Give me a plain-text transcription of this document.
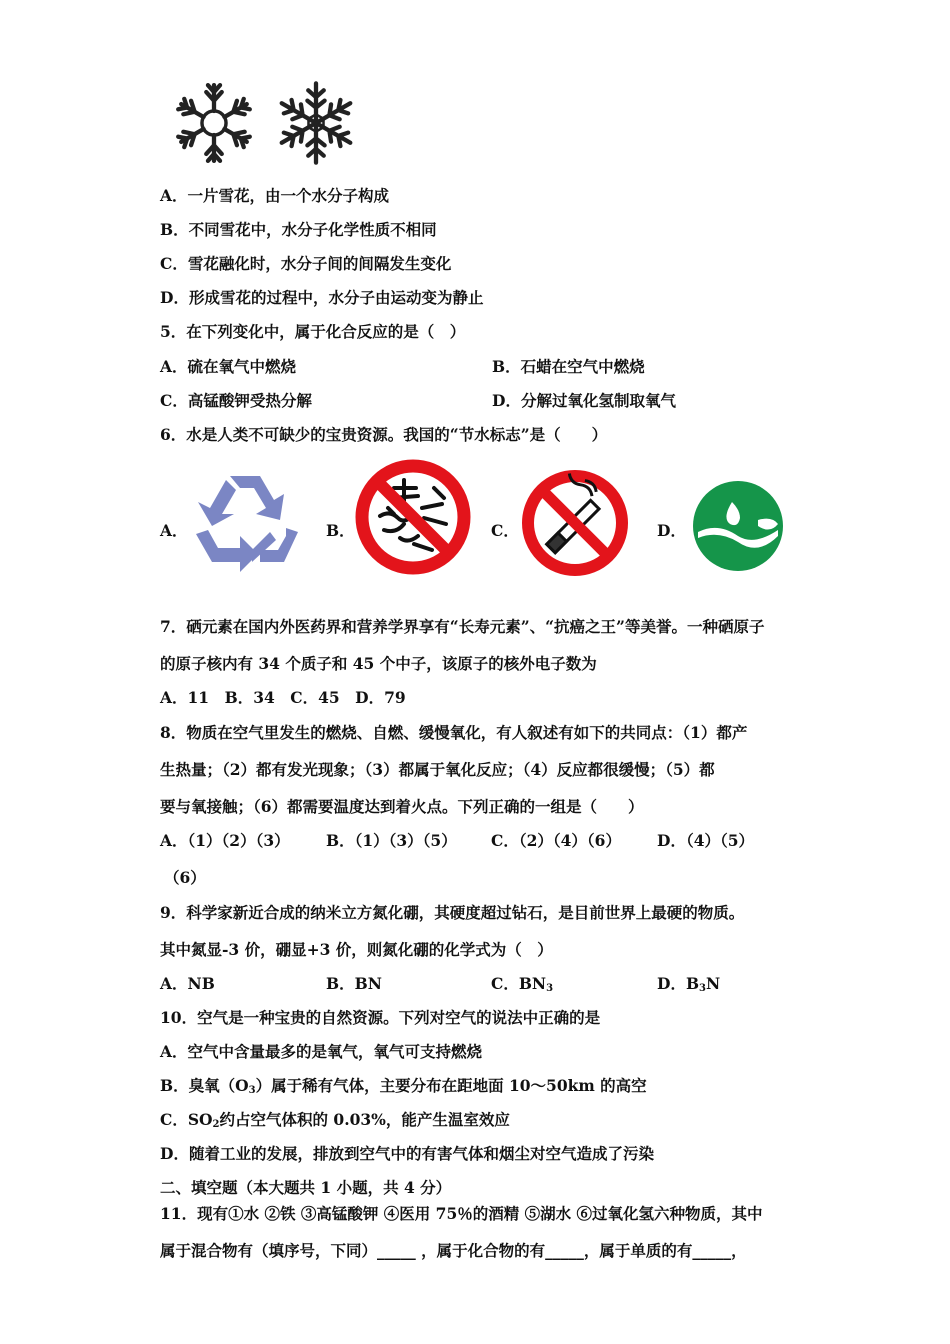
A．一片雪花，由一个水分子构成
B．不同雪花中，水分子化学性质不相同
C．雪花融化时，水分子间的间隔发生变化
D．形成雪花的过程中，水分子由运动变为静止
5．在下列变化中，属于化合反应的是（　）
A．硫在氧气中燃烧	B．石蜡在空气中燃烧
C．高锰酸钾受热分解	D．分解过氧化氢制取氧气
6．水是人类不可缺少的宝贵资源。我国的“节水标志”是（　　）
A．	B．	C．	D．
7．硒元素在国内外医药界和营养学界享有“长寿元素”、“抗癌之王”等美誉。一种硒原子
的原子核内有 34 个质子和 45 个中子，该原子的核外电子数为
A．11　B．34　C．45　D．79
8．物质在空气里发生的燃烧、自燃、缓慢氧化，有人叙述有如下的共同点：（1）都产
生热量；（2）都有发光现象；（3）都属于氧化反应；（4）反应都很缓慢；（5）都
要与氧接触；（6）都需要温度达到着火点。下列正确的一组是（　　）
A．（1）（2）（3） B．（1）（3）（5） C．（2）（4）（6） D．（4）（5）
（6）
9．科学家新近合成的纳米立方氮化硼，其硬度超过钻石，是目前世界上最硬的物质。
其中氮显-3 价，硼显+3 价，则氮化硼的化学式为（　）
A．NB	B．BN	C．$BN_3$	D．$B_3N$
10．空气是一种宝贵的自然资源。下列对空气的说法中正确的是
A．空气中含量最多的是氧气，氧气可支持燃烧
B．臭氧$(O_3)$属于稀有气体，主要分布在距地面 10～50km 的高空
C．$SO_2$约占空气体积的 0.03%，能产生温室效应
D．随着工业的发展，排放到空气中的有害气体和烟尘对空气造成了污染
二、填空题（本大题共 1 小题，共 4 分）
11．现有①水 ②铁 ③高锰酸钾 ④医用 75％的酒精 ⑤湖水 ⑥过氧化氢六种物质，其中
属于混合物有（填序号，下同）_____ ，属于化合物的有_____，属于单质的有_____，
